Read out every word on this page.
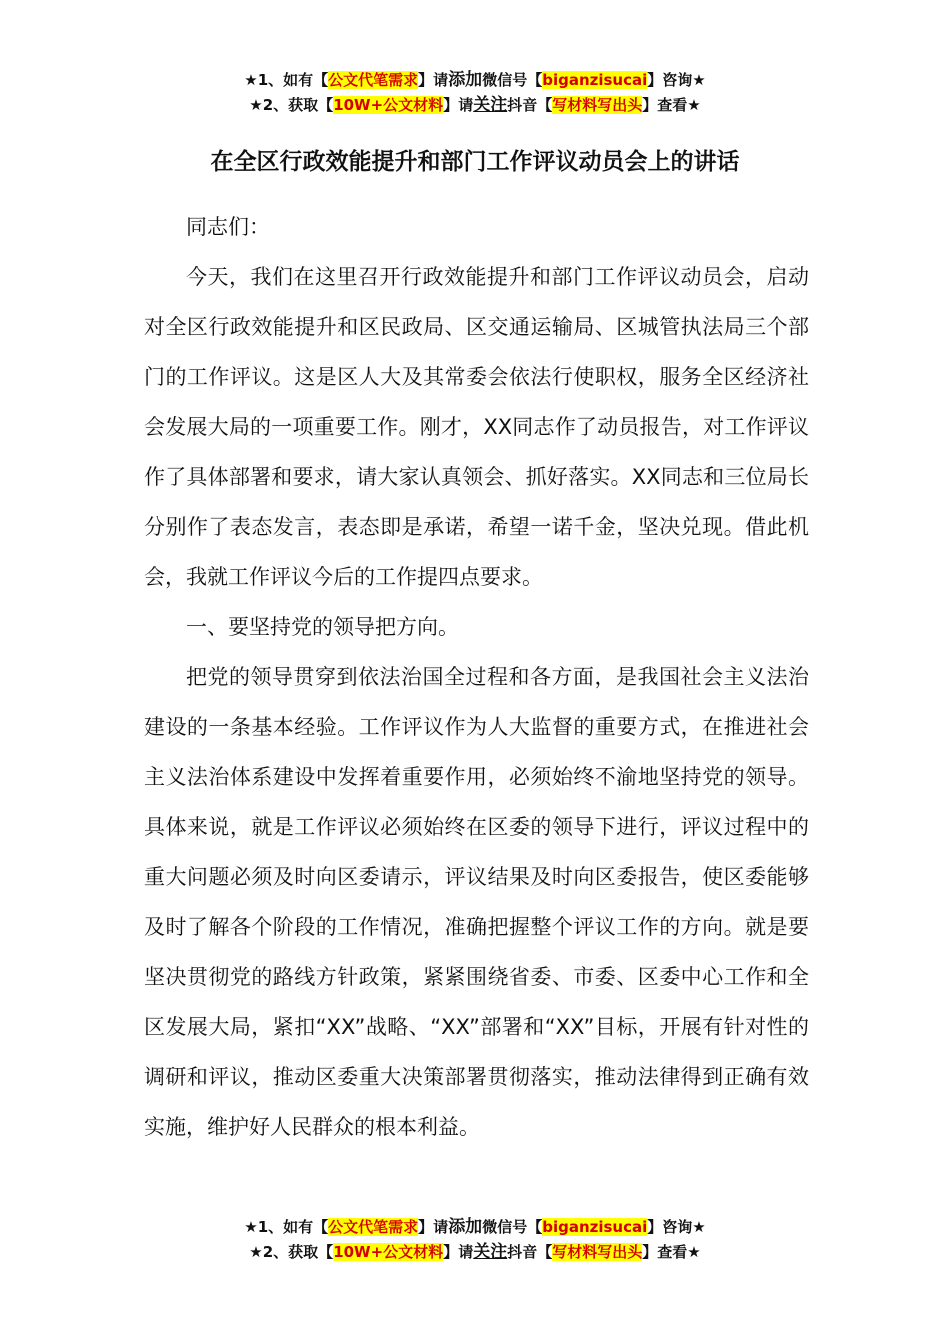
★1、如有【公文代笔需求】请添加微信号【biganzisucai】咨询★
★2、获取【10W+公文材料】请关注抖音【写材料写出头】查看★
在全区行政效能提升和部门工作评议动员会上的讲话

同志们：

今天，我们在这里召开行政效能提升和部门工作评议动员会，启动对全区行政效能提升和区民政局、区交通运输局、区城管执法局三个部门的工作评议。这是区人大及其常委会依法行使职权，服务全区经济社会发展大局的一项重要工作。刚才，XX同志作了动员报告，对工作评议作了具体部署和要求，请大家认真领会、抓好落实。XX同志和三位局长分别作了表态发言，表态即是承诺，希望一诺千金，坚决兑现。借此机会，我就工作评议今后的工作提四点要求。

一、要坚持党的领导把方向。

把党的领导贯穿到依法治国全过程和各方面，是我国社会主义法治建设的一条基本经验。工作评议作为人大监督的重要方式，在推进社会主义法治体系建设中发挥着重要作用，必须始终不渝地坚持党的领导。具体来说，就是工作评议必须始终在区委的领导下进行，评议过程中的重大问题必须及时向区委请示，评议结果及时向区委报告，使区委能够及时了解各个阶段的工作情况，准确把握整个评议工作的方向。就是要坚决贯彻党的路线方针政策，紧紧围绕省委、市委、区委中心工作和全区发展大局，紧扣“XX”战略、“XX”部署和“XX”目标，开展有针对性的调研和评议，推动区委重大决策部署贯彻落实，推动法律得到正确有效实施，维护好人民群众的根本利益。

★1、如有【公文代笔需求】请添加微信号【biganzisucai】咨询★
★2、获取【10W+公文材料】请关注抖音【写材料写出头】查看★
